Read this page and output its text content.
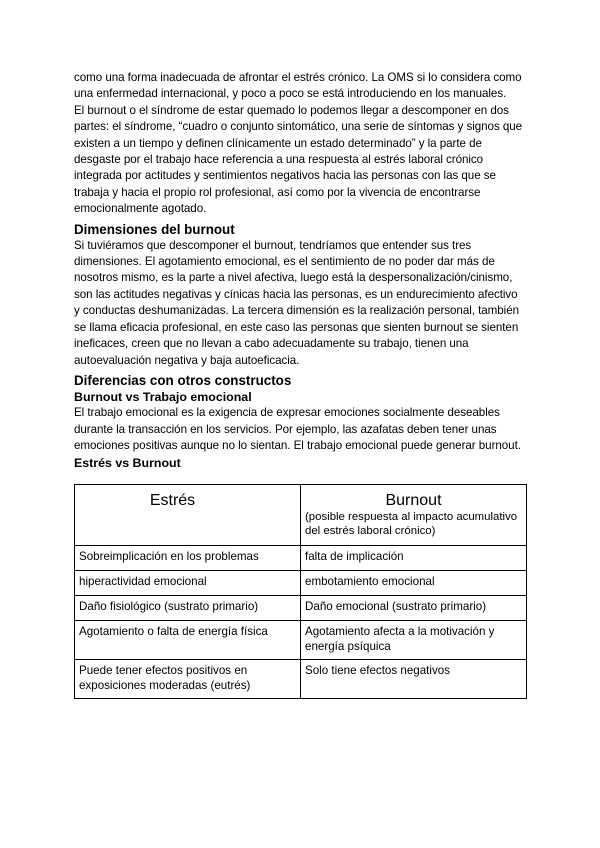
como una forma inadecuada de afrontar el estrés crónico. La OMS si lo considera como una enfermedad internacional, y poco a poco se está introduciendo en los manuales.

El burnout o el síndrome de estar quemado lo podemos llegar a descomponer en dos partes: el síndrome, “cuadro o conjunto sintomático, una serie de síntomas y signos que existen a un tiempo y definen clínicamente un estado determinado” y la parte de desgaste por el trabajo hace referencia a una respuesta al estrés laboral crónico integrada por actitudes y sentimientos negativos hacia las personas con las que se trabaja y hacia el propio rol profesional, así como por la vivencia de encontrarse emocionalmente agotado.

Dimensiones del burnout

Si tuviéramos que descomponer el burnout, tendríamos que entender sus tres dimensiones. El agotamiento emocional, es el sentimiento de no poder dar más de nosotros mismo, es la parte a nivel afectiva, luego está la despersonalización/cinismo, son las actitudes negativas y cínicas hacia las personas, es un endurecimiento afectivo y conductas deshumanizadas. La tercera dimensión es la realización personal, también se llama eficacia profesional, en este caso las personas que sienten burnout se sienten ineficaces, creen que no llevan a cabo adecuadamente su trabajo, tienen una autoevaluación negativa y baja autoeficacia.

Diferencias con otros constructos
Burnout vs Trabajo emocional

El trabajo emocional es la exigencia de expresar emociones socialmente deseables durante la transacción en los servicios. Por ejemplo, las azafatas deben tener unas emociones positivas aunque no lo sientan. El trabajo emocional puede generar burnout.

Estrés vs Burnout
Estrés	Burnout
(posible respuesta al impacto acumulativo del estrés laboral crónico)

Sobreimplicación en los problemas	falta de implicación
hiperactividad emocional	embotamiento emocional
Daño fisiológico (sustrato primario)	Daño emocional (sustrato primario)
Agotamiento o falta de energía física	Agotamiento afecta a la motivación y energía psíquica
Puede tener efectos positivos en exposiciones moderadas (eutrés)	Solo tiene efectos negativos
